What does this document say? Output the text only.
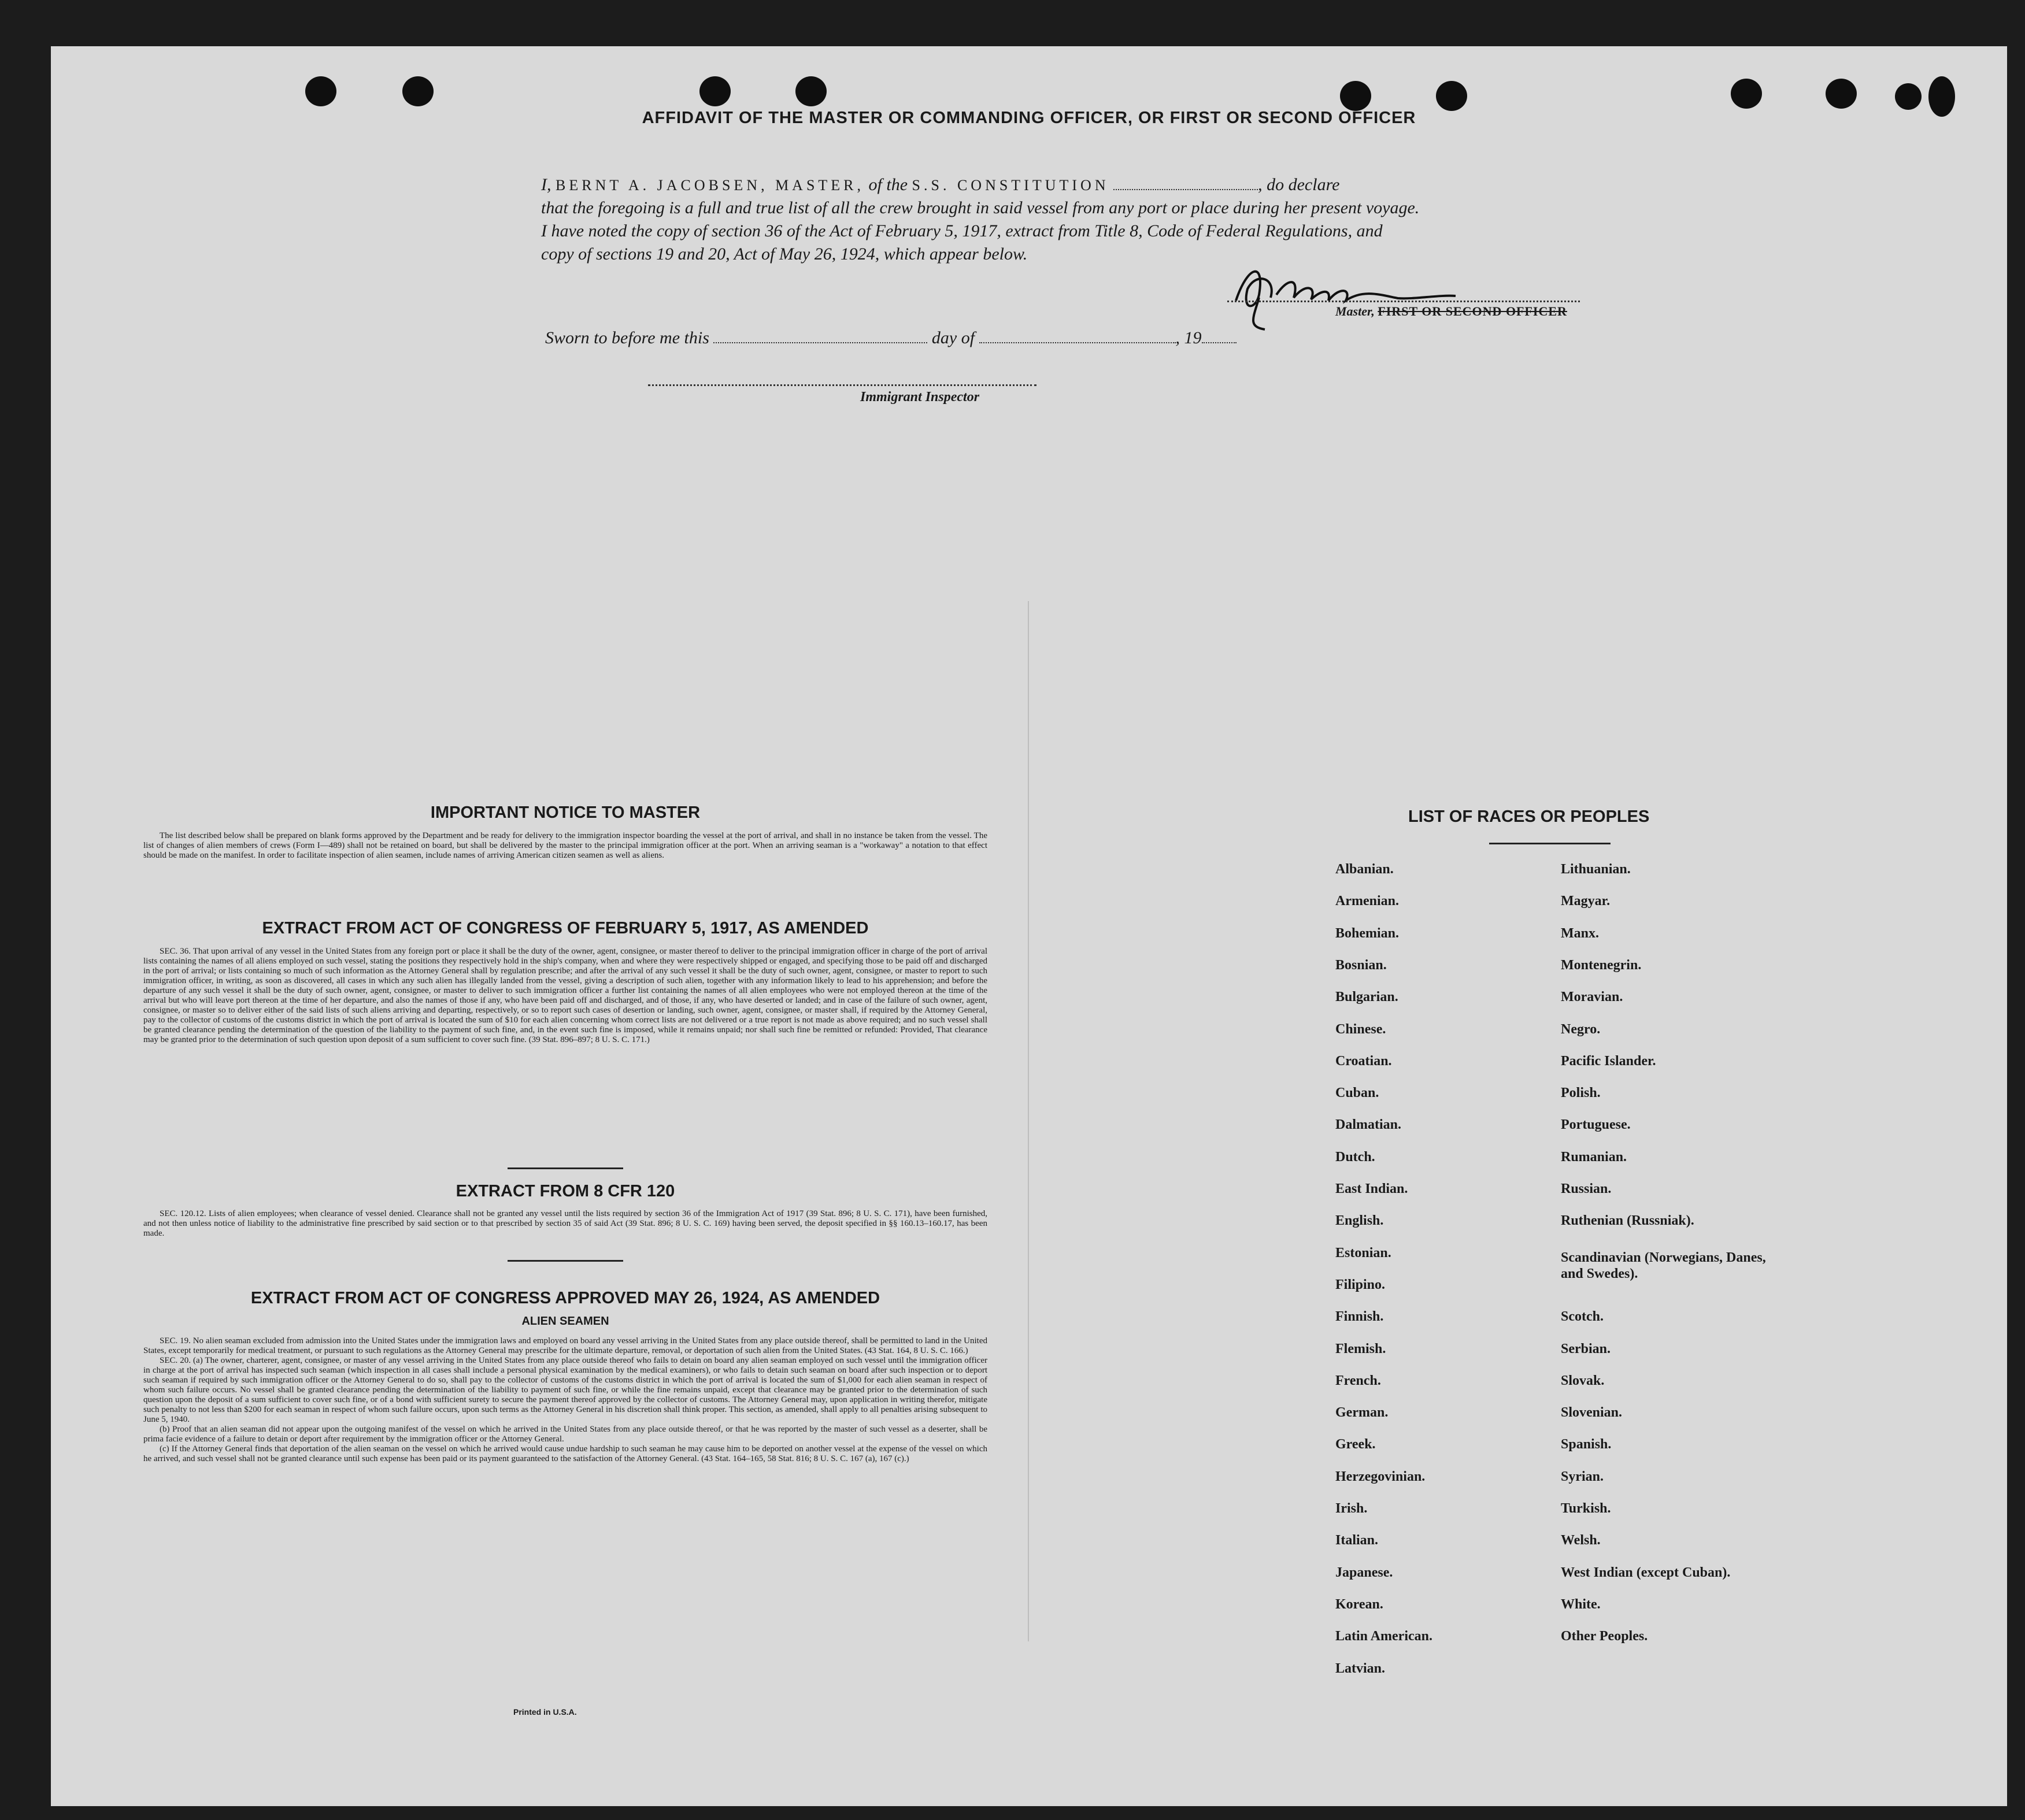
AFFIDAVIT OF THE MASTER OR COMMANDING OFFICER, OR FIRST OR SECOND OFFICER
I, BERNT A. JACOBSEN, MASTER, of the S.S. CONSTITUTION	, do declare
that the foregoing is a full and true list of all the crew brought in said vessel from any port or place during her present voyage.
I have noted the copy of section 36 of the Act of February 5, 1917, extract from Title 8, Code of Federal Regulations, and
copy of sections 19 and 20, Act of May 26, 1924, which appear below.
Master, FIRST OR SECOND OFFICER
Sworn to before me this	day of	, 19
Immigrant Inspector
IMPORTANT NOTICE TO MASTER

The list described below shall be prepared on blank forms approved by the Department and be ready for delivery to the immigration inspector boarding the vessel at the port of arrival, and shall in no instance be taken from the vessel. The list of changes of alien members of crews (Form I—489) shall not be retained on board, but shall be delivered by the master to the principal immigration officer at the port. When an arriving seaman is a "workaway" a notation to that effect should be made on the manifest. In order to facilitate inspection of alien seamen, include names of arriving American citizen seamen as well as aliens.

EXTRACT FROM ACT OF CONGRESS OF FEBRUARY 5, 1917, AS AMENDED

SEC. 36. That upon arrival of any vessel in the United States from any foreign port or place it shall be the duty of the owner, agent, consignee, or master thereof to deliver to the principal immigration officer in charge of the port of arrival lists containing the names of all aliens employed on such vessel, stating the positions they respectively hold in the ship's company, when and where they were respectively shipped or engaged, and specifying those to be paid off and discharged in the port of arrival; or lists containing so much of such information as the Attorney General shall by regulation prescribe; and after the arrival of any such vessel it shall be the duty of such owner, agent, consignee, or master to report to such immigration officer, in writing, as soon as discovered, all cases in which any such alien has illegally landed from the vessel, giving a description of such alien, together with any information likely to lead to his apprehension; and before the departure of any such vessel it shall be the duty of such owner, agent, consignee, or master to deliver to such immigration officer a further list containing the names of all alien employees who were not employed thereon at the time of the arrival but who will leave port thereon at the time of her departure, and also the names of those if any, who have been paid off and discharged, and of those, if any, who have deserted or landed; and in case of the failure of such owner, agent, consignee, or master so to deliver either of the said lists of such aliens arriving and departing, respectively, or so to report such cases of desertion or landing, such owner, agent, consignee, or master shall, if required by the Attorney General, pay to the collector of customs of the customs district in which the port of arrival is located the sum of $10 for each alien concerning whom correct lists are not delivered or a true report is not made as above required; and no such vessel shall be granted clearance pending the determination of the question of the liability to the payment of such fine, and, in the event such fine is imposed, while it remains unpaid; nor shall such fine be remitted or refunded: Provided, That clearance may be granted prior to the determination of such question upon deposit of a sum sufficient to cover such fine. (39 Stat. 896–897; 8 U. S. C. 171.)

EXTRACT FROM 8 CFR 120

SEC. 120.12. Lists of alien employees; when clearance of vessel denied. Clearance shall not be granted any vessel until the lists required by section 36 of the Immigration Act of 1917 (39 Stat. 896; 8 U. S. C. 171), have been furnished, and not then unless notice of liability to the administrative fine prescribed by said section or to that prescribed by section 35 of said Act (39 Stat. 896; 8 U. S. C. 169) having been served, the deposit specified in §§ 160.13–160.17, has been made.

EXTRACT FROM ACT OF CONGRESS APPROVED MAY 26, 1924, AS AMENDED
ALIEN SEAMEN

SEC. 19. No alien seaman excluded from admission into the United States under the immigration laws and employed on board any vessel arriving in the United States from any place outside thereof, shall be permitted to land in the United States, except temporarily for medical treatment, or pursuant to such regulations as the Attorney General may prescribe for the ultimate departure, removal, or deportation of such alien from the United States. (43 Stat. 164, 8 U. S. C. 166.)

SEC. 20. (a) The owner, charterer, agent, consignee, or master of any vessel arriving in the United States from any place outside thereof who fails to detain on board any alien seaman employed on such vessel until the immigration officer in charge at the port of arrival has inspected such seaman (which inspection in all cases shall include a personal physical examination by the medical examiners), or who fails to detain such seaman on board after such inspection or to deport such seaman if required by such immigration officer or the Attorney General to do so, shall pay to the collector of customs of the customs district in which the port of arrival is located the sum of $1,000 for each alien seaman in respect of whom such failure occurs. No vessel shall be granted clearance pending the determination of the liability to payment of such fine, or while the fine remains unpaid, except that clearance may be granted prior to the determination of such question upon the deposit of a sum sufficient to cover such fine, or of a bond with sufficient surety to secure the payment thereof approved by the collector of customs. The Attorney General may, upon application in writing therefor, mitigate such penalty to not less than $200 for each seaman in respect of whom such failure occurs, upon such terms as the Attorney General in his discretion shall think proper. This section, as amended, shall apply to all penalties arising subsequent to June 5, 1940.

(b) Proof that an alien seaman did not appear upon the outgoing manifest of the vessel on which he arrived in the United States from any place outside thereof, or that he was reported by the master of such vessel as a deserter, shall be prima facie evidence of a failure to detain or deport after requirement by the immigration officer or the Attorney General.

(c) If the Attorney General finds that deportation of the alien seaman on the vessel on which he arrived would cause undue hardship to such seaman he may cause him to be deported on another vessel at the expense of the vessel on which he arrived, and such vessel shall not be granted clearance until such expense has been paid or its payment guaranteed to the satisfaction of the Attorney General. (43 Stat. 164–165, 58 Stat. 816; 8 U. S. C. 167 (a), 167 (c).)

Printed in U.S.A.
LIST OF RACES OR PEOPLES
Albanian.
Armenian.
Bohemian.
Bosnian.
Bulgarian.
Chinese.
Croatian.
Cuban.
Dalmatian.
Dutch.
East Indian.
English.
Estonian.
Filipino.
Finnish.
Flemish.
French.
German.
Greek.
Herzegovinian.
Irish.
Italian.
Japanese.
Korean.
Latin American.
Latvian.
Lithuanian.
Magyar.
Manx.
Montenegrin.
Moravian.
Negro.
Pacific Islander.
Polish.
Portuguese.
Rumanian.
Russian.
Ruthenian (Russniak).
Scandinavian (Norwegians, Danes, and Swedes).
Scotch.
Serbian.
Slovak.
Slovenian.
Spanish.
Syrian.
Turkish.
Welsh.
West Indian (except Cuban).
White.
Other Peoples.
